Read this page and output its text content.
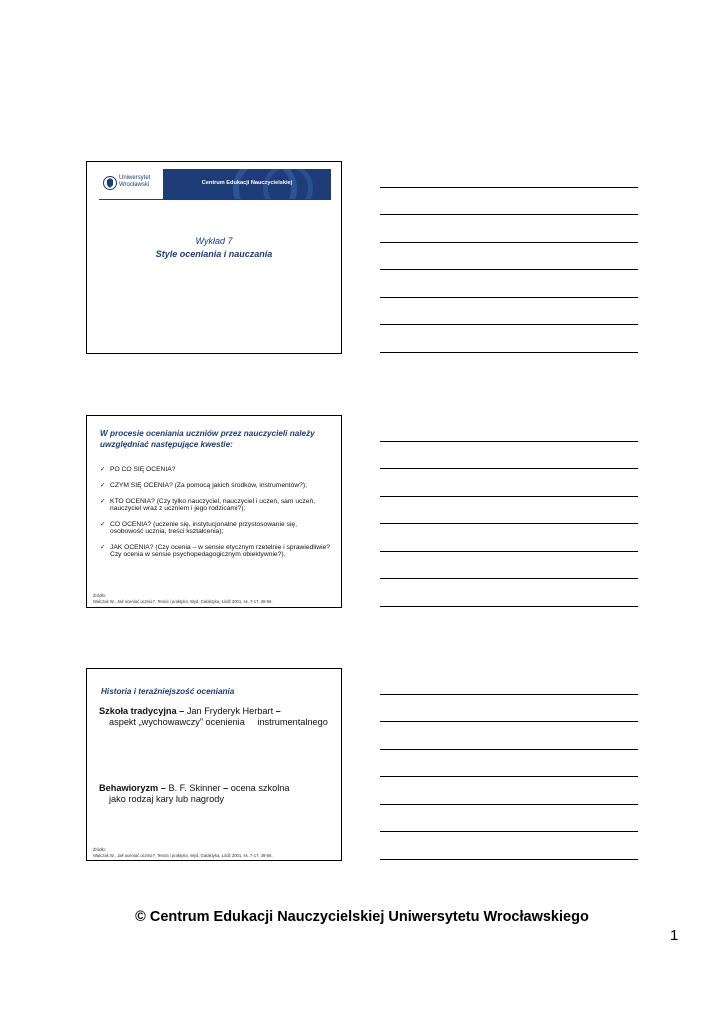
Uniwersytet
Wrocławski	Centrum Edukacji Nauczycielskiej
Wykład 7
Style oceniania i nauczania
W procesie oceniania uczniów przez nauczycieli należy uwzględniać następujące kwestie:
✓ PO CO SIĘ OCENIA?
✓ CZYM SIĘ OCENIA? (Za pomocą jakich środków, instrumentów?);
✓ KTO OCENIA? (Czy tylko nauczyciel, nauczyciel i uczeń, sam uczeń, nauczyciel wraz z uczniem i jego rodzicami?);
✓ CO OCENIA? (uczenie się, instytucjonalne przystosowanie się, osobowość ucznia, treści kształcenia);
✓ JAK OCENIA? (Czy ocenia – w sensie etycznym rzetelnie i sprawiedliwie? Czy ocenia w sensie psychopedagogicznym obiektywnie?).
Źródło:
Walczak W., Jak oceniać ucznia?, Teoria i praktyka, Wyd. Galaktyka, Łódź 2001, ss. 7-17, 38-56.
Historia i teraźniejszość oceniania
Szkoła tradycyjna – Jan Fryderyk Herbart –
aspekt „wychowawczy” ocenienia instrumentalnego
Behawioryzm – B. F. Skinner – ocena szkolna
jako rodzaj kary lub nagrody
Źródło:
Walczak W., Jak oceniać ucznia?, Teoria i praktyka, Wyd. Galaktyka, Łódź 2001, ss. 7-17, 38-56.
© Centrum Edukacji Nauczycielskiej Uniwersytetu Wrocławskiego
1
